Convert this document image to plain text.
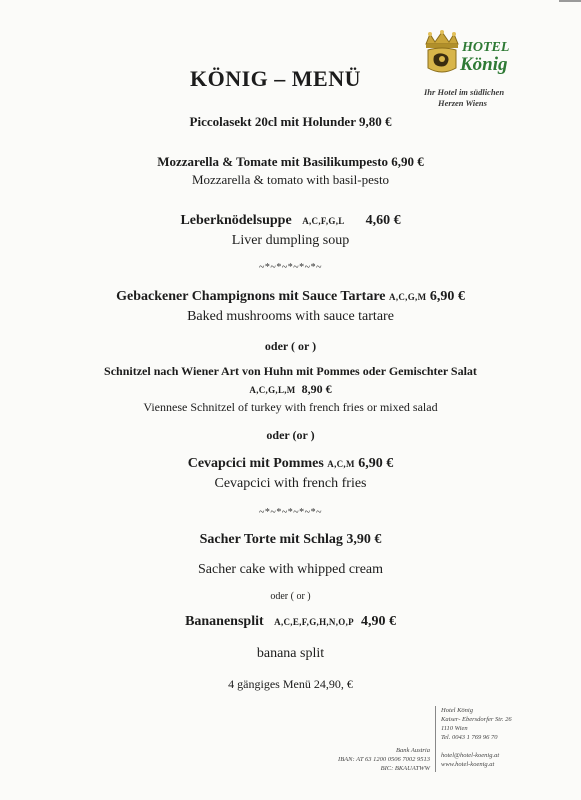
KÖNIG – MENÜ
HOTEL
König
Ihr Hotel im südlichen
Herzen Wiens
Piccolasekt 20cl mit Holunder 9,80 €
Mozzarella & Tomate mit Basilikumpesto 6,90 €
Mozzarella & tomato with basil-pesto
Leberknödelsuppe A,C,F,G,L 4,60 €
Liver dumpling soup
~*~*~*~*~*~
Gebackener Champignons mit Sauce Tartare A,C,G,M 6,90 €
Baked mushrooms with sauce tartare
oder ( or )
Schnitzel nach Wiener Art von Huhn mit Pommes oder Gemischter Salat
A,C,G,L,M 8,90 €
Viennese Schnitzel of turkey with french fries or mixed salad
oder (or )
Cevapcici mit Pommes A,C,M 6,90 €
Cevapcici with french fries
~*~*~*~*~*~
Sacher Torte mit Schlag 3,90 €
Sacher cake with whipped cream
oder ( or )
Bananensplit A,C,E,F,G,H,N,O,P 4,90 €
banana split
4 gängiges Menü 24,90, €
Bank Austria
IBAN: AT 63 1200 0506 7002 9513
BIC: BKAUATWW
Hotel König
Kaiser- Ebersdorfer Str. 26
1110 Wien
Tel. 0043 1 769 96 70
hotel@hotel-koenig.at
www.hotel-koenig.at
